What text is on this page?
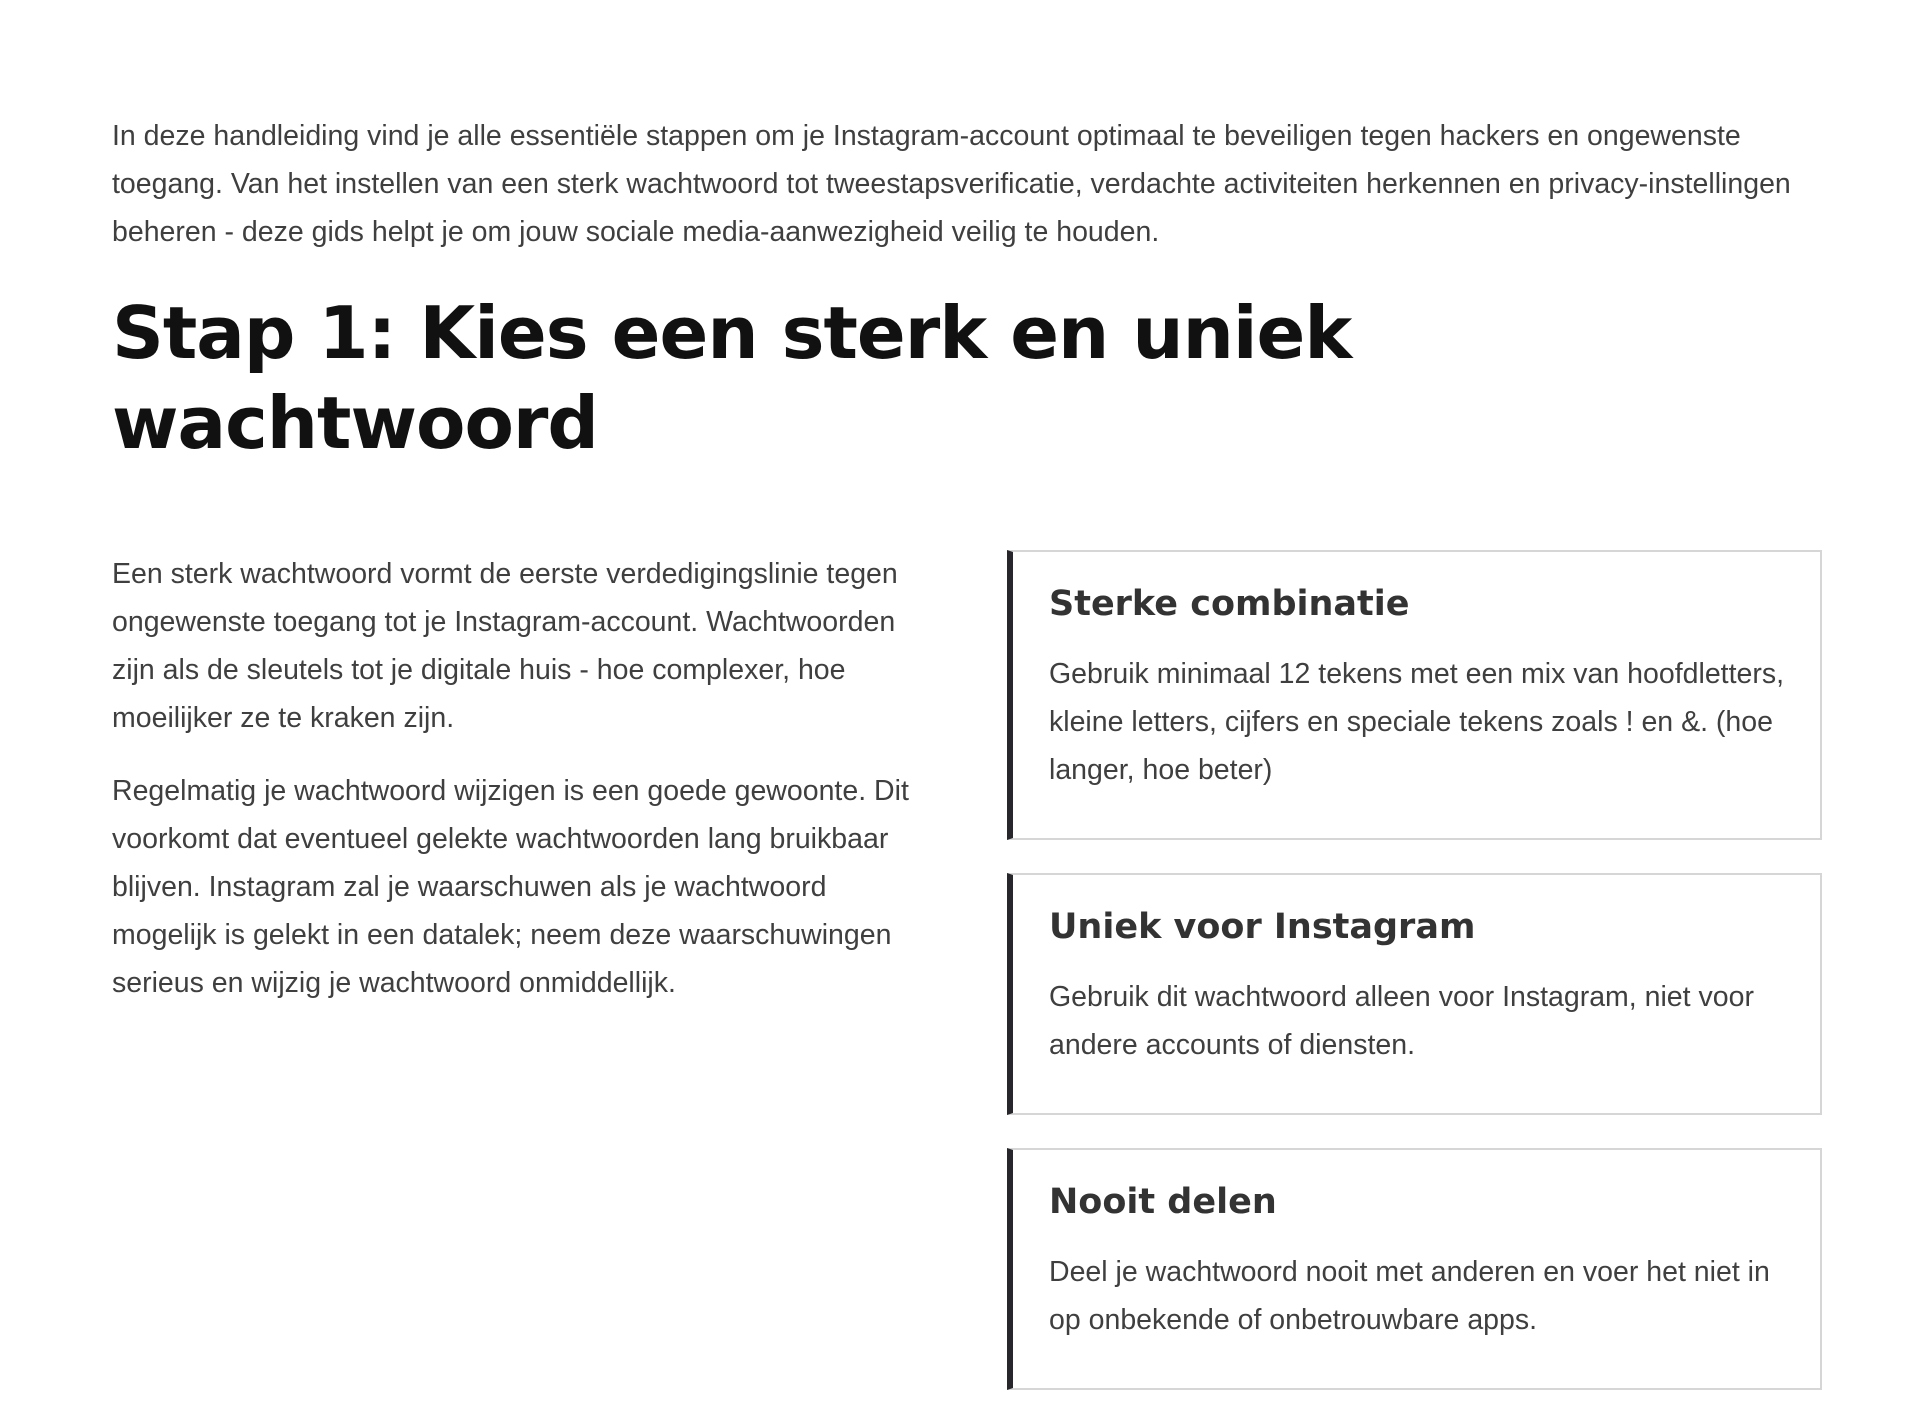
In deze handleiding vind je alle essentiële stappen om je Instagram-account optimaal te beveiligen tegen hackers en ongewenste toegang. Van het instellen van een sterk wachtwoord tot tweestapsverificatie, verdachte activiteiten herkennen en privacy-instellingen beheren - deze gids helpt je om jouw sociale media-aanwezigheid veilig te houden.

Stap 1: Kies een sterk en uniek wachtwoord

Een sterk wachtwoord vormt de eerste verdedigingslinie tegen ongewenste toegang tot je Instagram-account. Wachtwoorden zijn als de sleutels tot je digitale huis - hoe complexer, hoe moeilijker ze te kraken zijn.

Regelmatig je wachtwoord wijzigen is een goede gewoonte. Dit voorkomt dat eventueel gelekte wachtwoorden lang bruikbaar blijven. Instagram zal je waarschuwen als je wachtwoord mogelijk is gelekt in een datalek; neem deze waarschuwingen serieus en wijzig je wachtwoord onmiddellijk.

Sterke combinatie

Gebruik minimaal 12 tekens met een mix van hoofdletters, kleine letters, cijfers en speciale tekens zoals ! en &. (hoe langer, hoe beter)

Uniek voor Instagram

Gebruik dit wachtwoord alleen voor Instagram, niet voor andere accounts of diensten.

Nooit delen

Deel je wachtwoord nooit met anderen en voer het niet in op onbekende of onbetrouwbare apps.
